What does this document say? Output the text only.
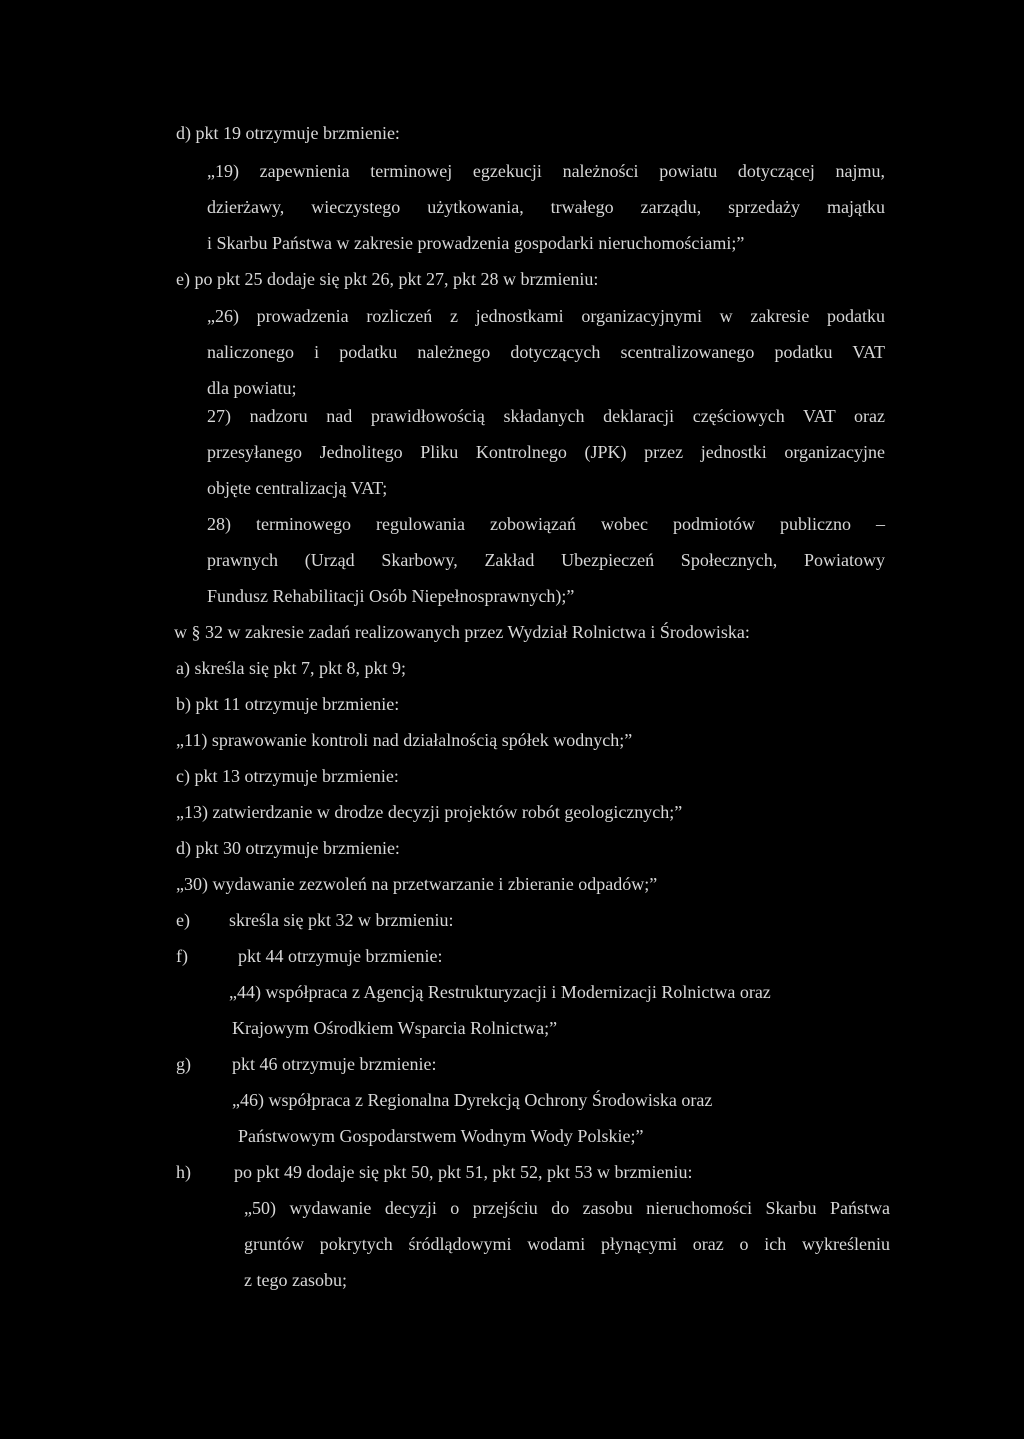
d) pkt 19 otrzymuje brzmienie:
„19) zapewnienia terminowej egzekucji należności powiatu dotyczącej najmu,
dzierżawy, wieczystego użytkowania, trwałego zarządu, sprzedaży majątku
i Skarbu Państwa w zakresie prowadzenia gospodarki nieruchomościami;”
e) po pkt 25 dodaje się pkt 26, pkt 27, pkt 28 w brzmieniu:
„26) prowadzenia rozliczeń z jednostkami organizacyjnymi w zakresie podatku
naliczonego i podatku należnego dotyczących scentralizowanego podatku VAT
dla powiatu;
27) nadzoru nad prawidłowością składanych deklaracji częściowych VAT oraz
przesyłanego Jednolitego Pliku Kontrolnego (JPK) przez jednostki organizacyjne
objęte centralizacją VAT;
28) terminowego regulowania zobowiązań wobec podmiotów publiczno –
prawnych (Urząd Skarbowy, Zakład Ubezpieczeń Społecznych, Powiatowy
Fundusz Rehabilitacji Osób Niepełnosprawnych);”
w § 32 w zakresie zadań realizowanych przez Wydział Rolnictwa i Środowiska:
a) skreśla się pkt 7, pkt 8, pkt 9;
b) pkt 11 otrzymuje brzmienie:
„11) sprawowanie kontroli nad działalnością spółek wodnych;”
c) pkt 13 otrzymuje brzmienie:
„13) zatwierdzanie w drodze decyzji projektów robót geologicznych;”
d) pkt 30 otrzymuje brzmienie:
„30) wydawanie zezwoleń na przetwarzanie i zbieranie odpadów;”
e) skreśla się pkt 32 w brzmieniu:
f)	pkt 44 otrzymuje brzmienie:
„44) współpraca z Agencją Restrukturyzacji i Modernizacji Rolnictwa oraz
Krajowym Ośrodkiem Wsparcia Rolnictwa;”
g) pkt 46 otrzymuje brzmienie:
„46) współpraca z Regionalna Dyrekcją Ochrony Środowiska oraz
Państwowym Gospodarstwem Wodnym Wody Polskie;”
h) po pkt 49 dodaje się pkt 50, pkt 51, pkt 52, pkt 53 w brzmieniu:
„50) wydawanie decyzji o przejściu do zasobu nieruchomości Skarbu Państwa
gruntów pokrytych śródlądowymi wodami płynącymi oraz o ich wykreśleniu
z tego zasobu;
